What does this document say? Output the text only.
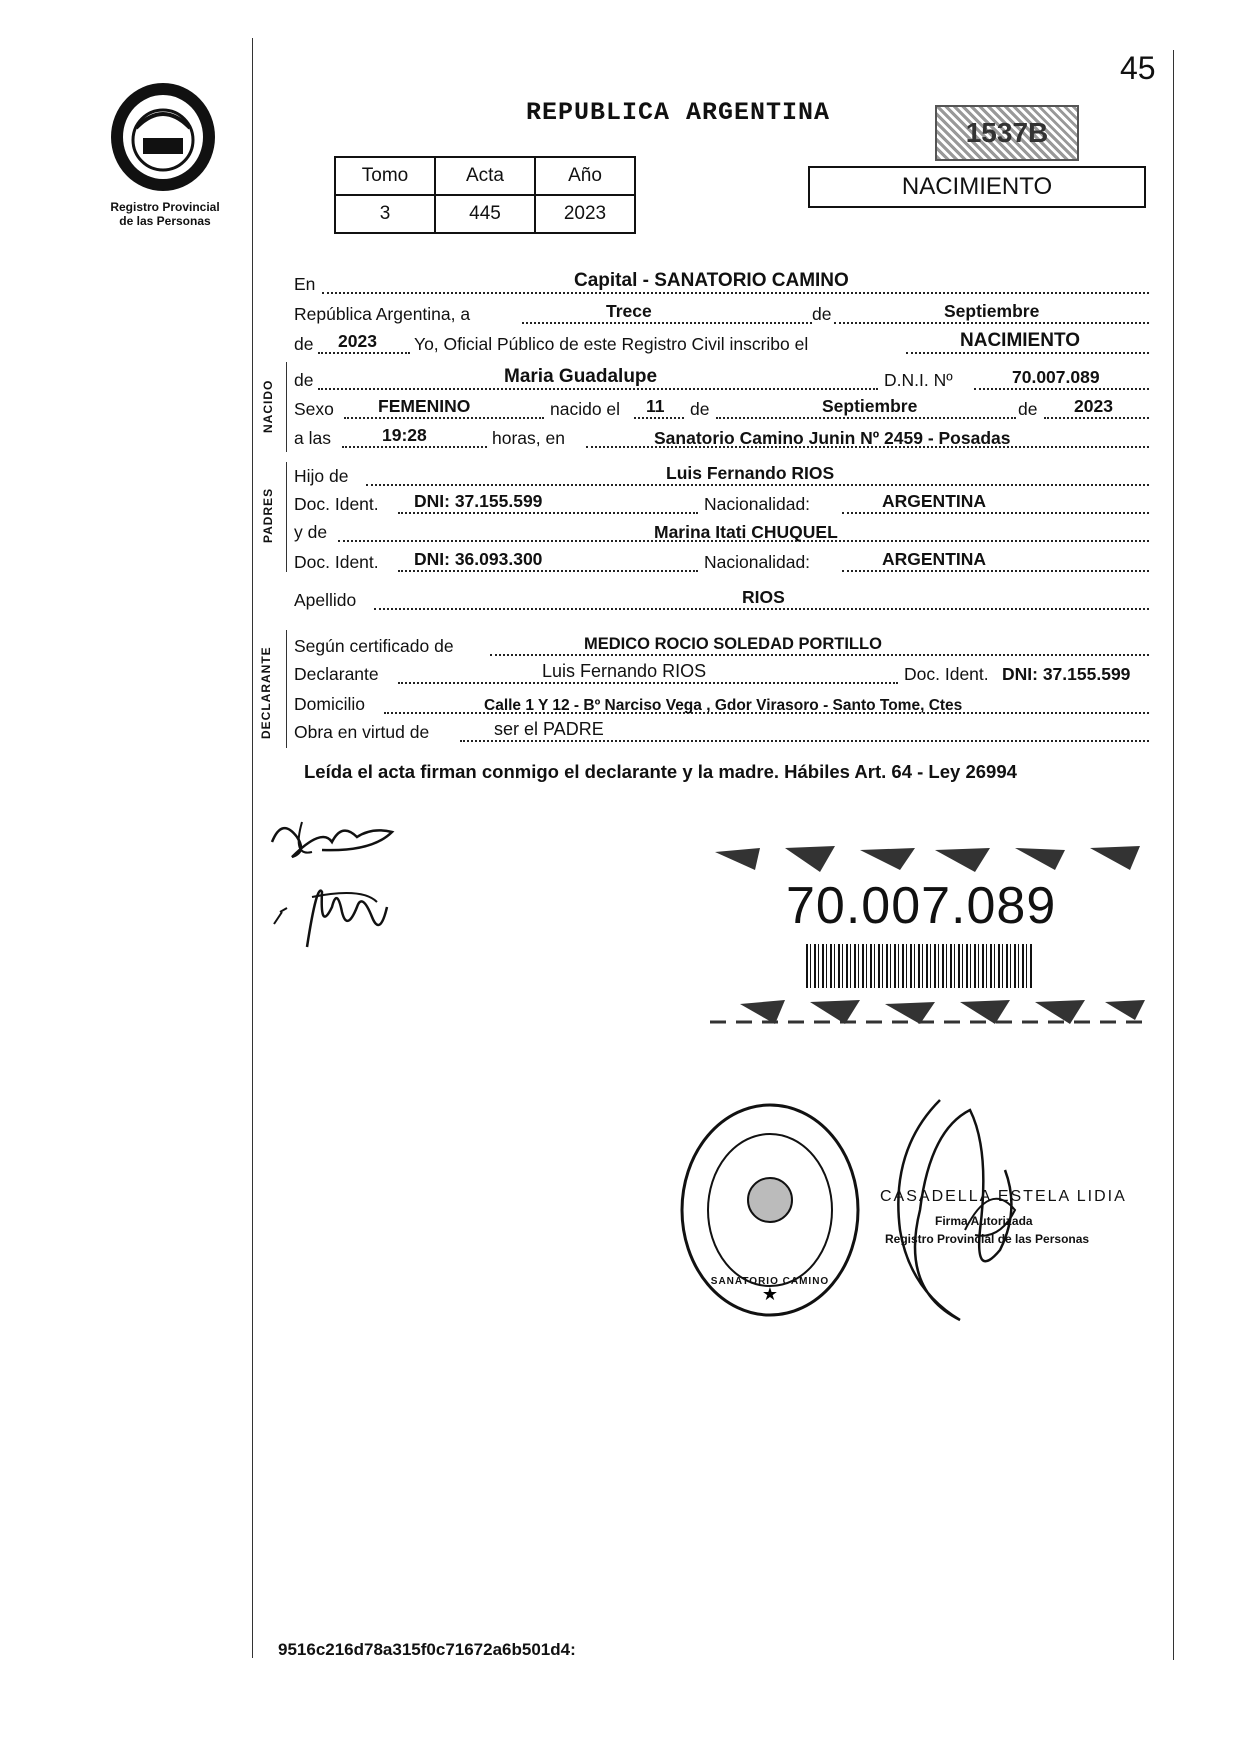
45
Registro Provincial
de las Personas
REPUBLICA ARGENTINA
1537B
Tomo	Acta	Año
3	445	2023
NACIMIENTO
En	Capital - SANATORIO CAMINO
República Argentina, a	Trece	de	Septiembre
de 2023 Yo, Oficial Público de este Registro Civil inscribo el	NACIMIENTO
NACIDO de	Maria Guadalupe	D.N.I. Nº	70.007.089
Sexo	FEMENINO	nacido el 11 de	Septiembre	de 2023
a las	19:28	horas, en	Sanatorio Camino Junin Nº 2459 - Posadas
PADRES
Hijo de	Luis Fernando RIOS
Doc. Ident. DNI: 37.155.599	Nacionalidad:	ARGENTINA
y de	Marina Itati CHUQUEL
Doc. Ident. DNI: 36.093.300	Nacionalidad:	ARGENTINA
Apellido	RIOS
DECLARANTE
Según certificado de	MEDICO ROCIO SOLEDAD PORTILLO
Declarante	Luis Fernando RIOS	Doc. Ident. DNI: 37.155.599
Domicilio	Calle 1 Y 12 - Bº Narciso Vega , Gdor Virasoro - Santo Tome, Ctes
Obra en virtud de	ser el PADRE
Leída el acta firman conmigo el declarante y la madre. Hábiles Art. 64 - Ley 26994
70.007.089
★
SANATORIO CAMINO
CASADELLA ESTELA LIDIA
Firma Autorizada
Registro Provincial de las Personas
9516c216d78a315f0c71672a6b501d4:
